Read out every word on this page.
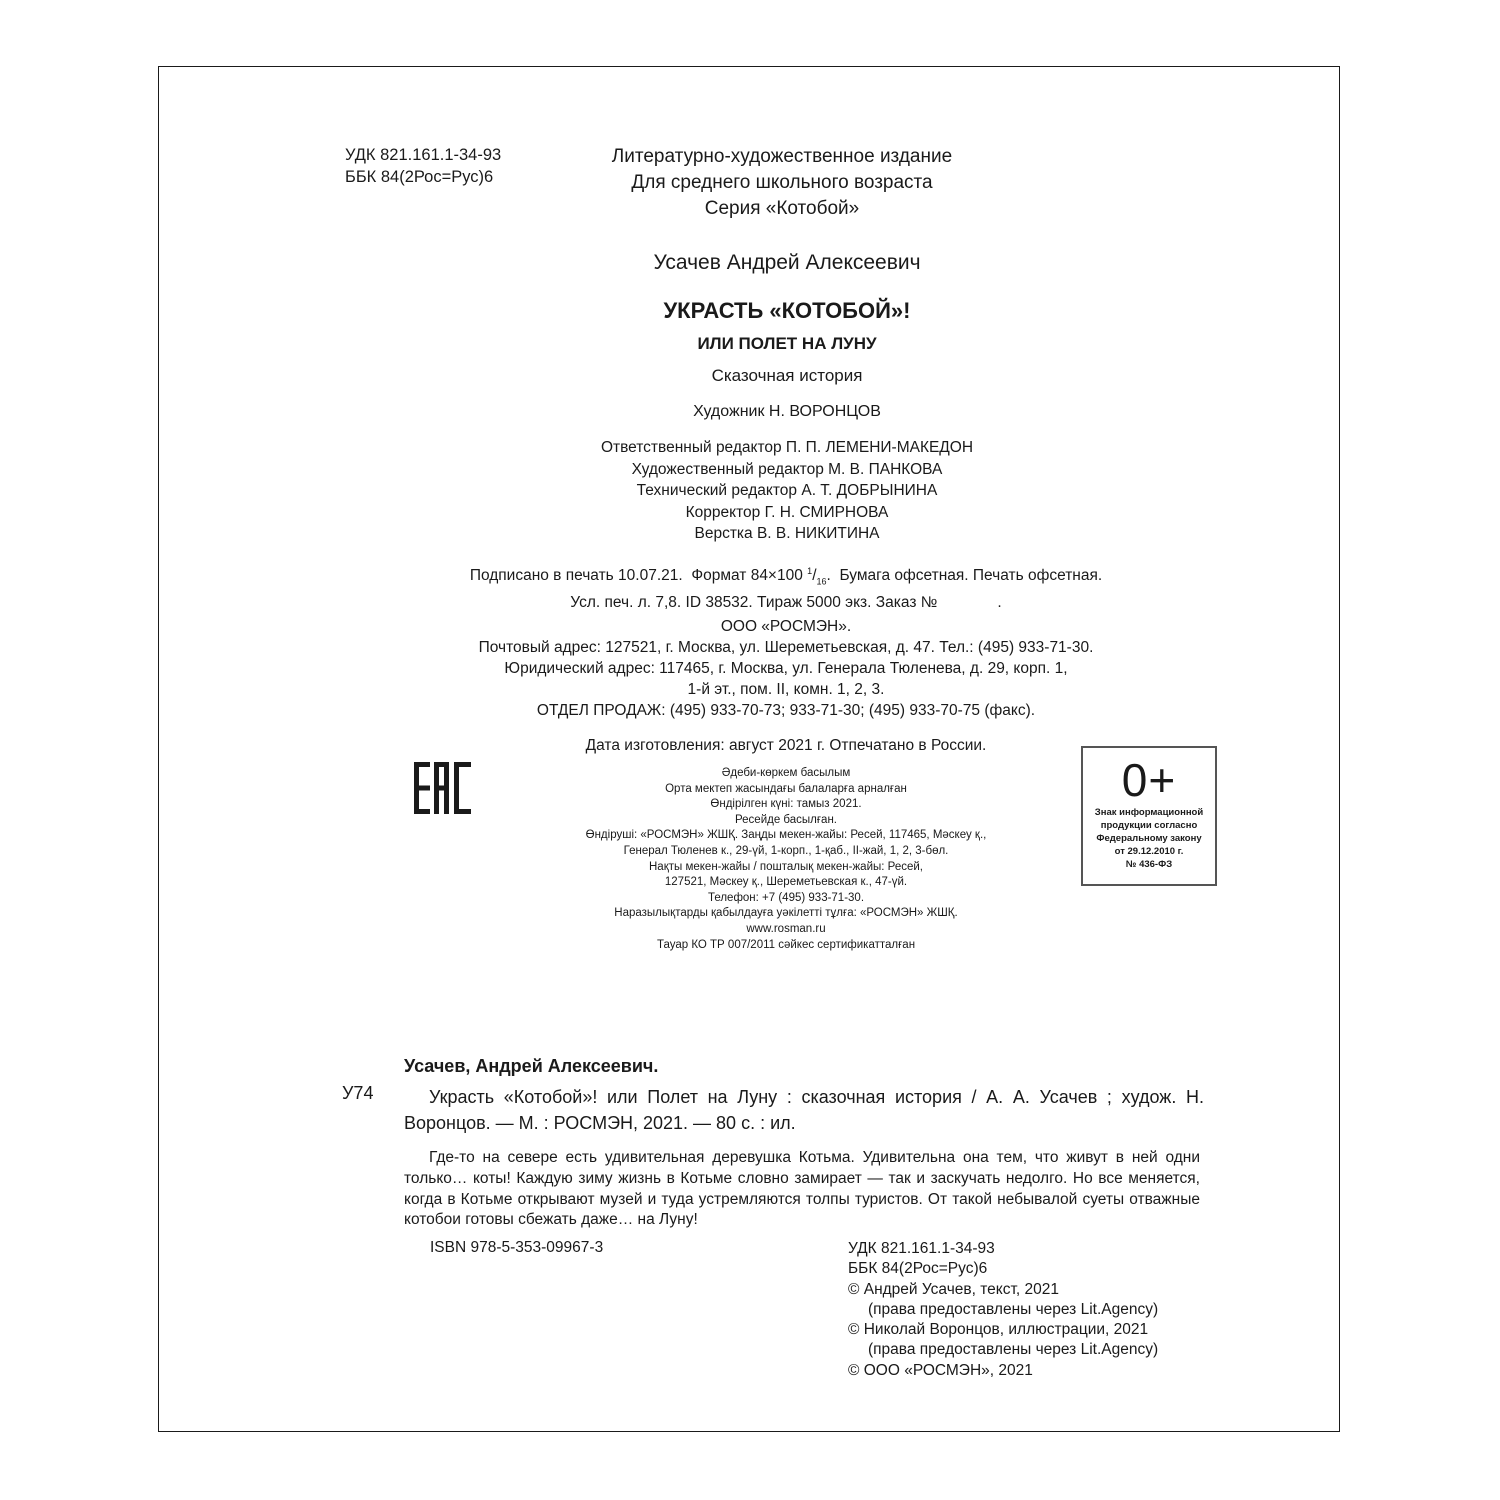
УДК 821.161.1-34-93
ББК 84(2Рос=Рус)6
Литературно-художественное издание
Для среднего школьного возраста
Серия «Котобой»
Усачев Андрей Алексеевич
УКРАСТЬ «КОТОБОЙ»!
ИЛИ ПОЛЕТ НА ЛУНУ
Сказочная история
Художник Н. ВОРОНЦОВ
Ответственный редактор П. П. ЛЕМЕНИ-МАКЕДОН
Художественный редактор М. В. ПАНКОВА
Технический редактор А. Т. ДОБРЫНИНА
Корректор Г. Н. СМИРНОВА
Верстка В. В. НИКИТИНА
Подписано в печать 10.07.21. Формат 84×100 $^1/_{16}$. Бумага офсетная. Печать офсетная.
Усл. печ. л. 7,8. ID 38532. Тираж 5000 экз. Заказ №	.
ООО «РОСМЭН».
Почтовый адрес: 127521, г. Москва, ул. Шереметьевская, д. 47. Тел.: (495) 933-71-30.
Юридический адрес: 117465, г. Москва, ул. Генерала Тюленева, д. 29, корп. 1,
1-й эт., пом. II, комн. 1, 2, 3.
ОТДЕЛ ПРОДАЖ: (495) 933-70-73; 933-71-30; (495) 933-70-75 (факс).
Дата изготовления: август 2021 г. Отпечатано в России.
Әдеби-көркем басылым
Орта мектеп жасындағы балаларға арналған
Өндірілген күні: тамыз 2021.
Ресейде басылған.
Өндіруші: «РОСМЭН» ЖШҚ. Заңды мекен-жайы: Ресей, 117465, Мәскеу қ.,
Генерал Тюленев к., 29-үй, 1-корп., 1-қаб., II-жай, 1, 2, 3-бөл.
Нақты мекен-жайы / пошталық мекен-жайы: Ресей,
127521, Мәскеу қ., Шереметьевская к., 47-үй.
Телефон: +7 (495) 933-71-30.
Наразылықтарды қабылдауға уәкілетті тұлға: «РОСМЭН» ЖШҚ.
www.rosman.ru
Тауар КО ТР 007/2011 сәйкес сертификатталған
0+
Знак информационной
продукции согласно
Федеральному закону
от 29.12.2010 г.
№ 436-ФЗ
Усачев, Андрей Алексеевич.
У74	Украсть «Котобой»! или Полет на Луну : сказочная история / А. А. Усачев ; худож. Н. Воронцов. — М. : РОСМЭН, 2021. — 80 с. : ил.
Где-то на севере есть удивительная деревушка Котьма. Удивительна она тем, что живут в ней одни только… коты! Каждую зиму жизнь в Котьме словно замирает — так и заскучать недолго. Но все меняется, когда в Котьме открывают музей и туда устремляются толпы туристов. От такой небывалой суеты отважные котобои готовы сбежать даже… на Луну!
ISBN 978-5-353-09967-3	УДК 821.161.1-34-93
ББК 84(2Рос=Рус)6
© Андрей Усачев, текст, 2021
(права предоставлены через Lit.Agency)
© Николай Воронцов, иллюстрации, 2021
(права предоставлены через Lit.Agency)
© ООО «РОСМЭН», 2021
